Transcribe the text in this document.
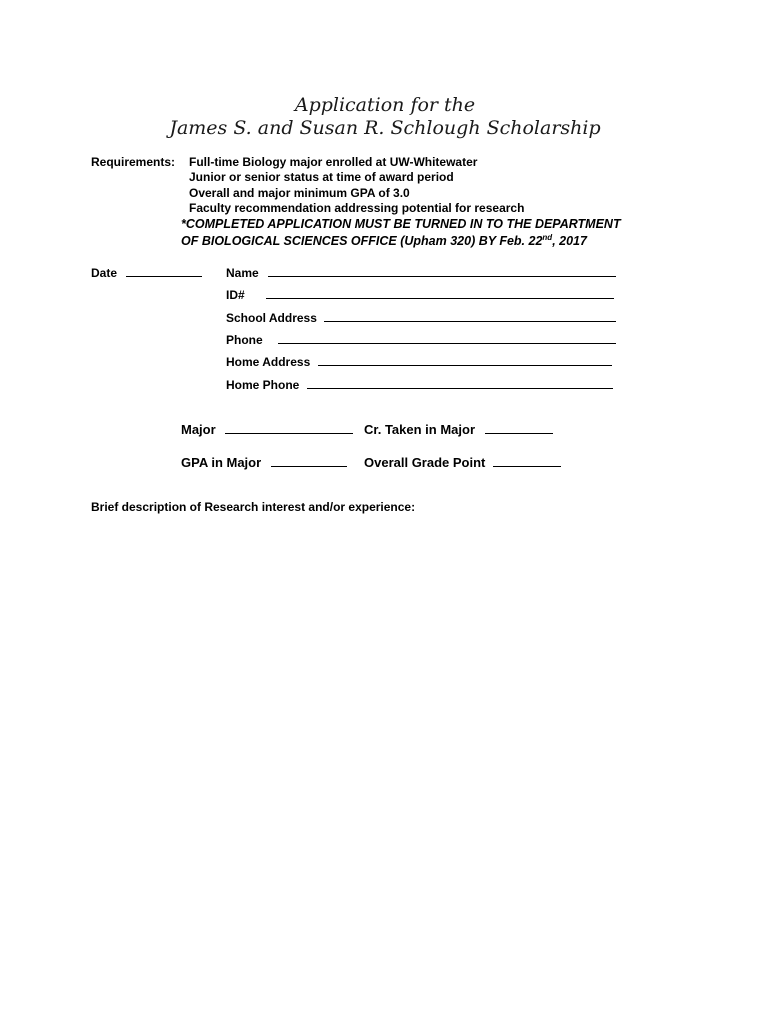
Application for the
James S. and Susan R. Schlough Scholarship
Requirements: Full-time Biology major enrolled at UW-Whitewater
Junior or senior status at time of award period
Overall and major minimum GPA of 3.0
Faculty recommendation addressing potential for research
*COMPLETED APPLICATION MUST BE TURNED IN TO THE DEPARTMENT
OF BIOLOGICAL SCIENCES OFFICE (Upham 320) BY Feb. 22nd, 2017
Date	Name
ID#
School Address
Phone
Home Address
Home Phone
Major	Cr. Taken in Major
GPA in Major	Overall Grade Point
Brief description of Research interest and/or experience:
